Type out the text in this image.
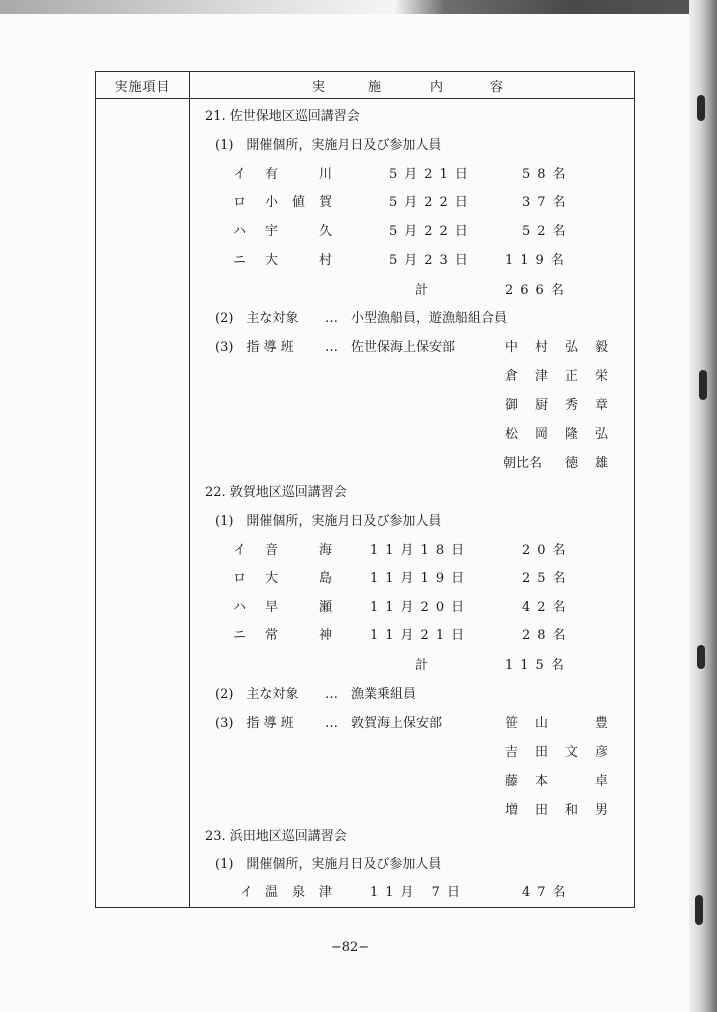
実施項目	実	施	内	容
21. 佐世保地区巡回講習会
(1)　開催個所，実施月日及び参加人員
イ 有	川	5月21日	58名
ロ 小 値 賀	5月22日	37名
ハ 宇	久	5月22日	52名
ニ 大	村	5月23日 119名
計	266名
(2)　主な対象 …　小型漁船員，遊漁船組合員
(3)　指 導 班 …　佐世保海上保安部	中 村 弘 毅
倉 津 正 栄
御 厨 秀 章
松 岡 隆 弘
朝比名 徳 雄
22. 敦賀地区巡回講習会
(1)　開催個所，実施月日及び参加人員
イ 音	海	11月18日	20名
ロ 大	島	11月19日	25名
ハ 早	瀬	11月20日	42名
ニ 常	神	11月21日	28名
計	115名
(2)　主な対象 …　漁業乗組員
(3)　指 導 班 …　敦賀海上保安部	笹 山	豊
吉 田 文 彦
藤 本	卓
増 田 和 男
23. 浜田地区巡回講習会
(1)　開催個所，実施月日及び参加人員
イ 温 泉 津	11月 7日	47名
−82−
